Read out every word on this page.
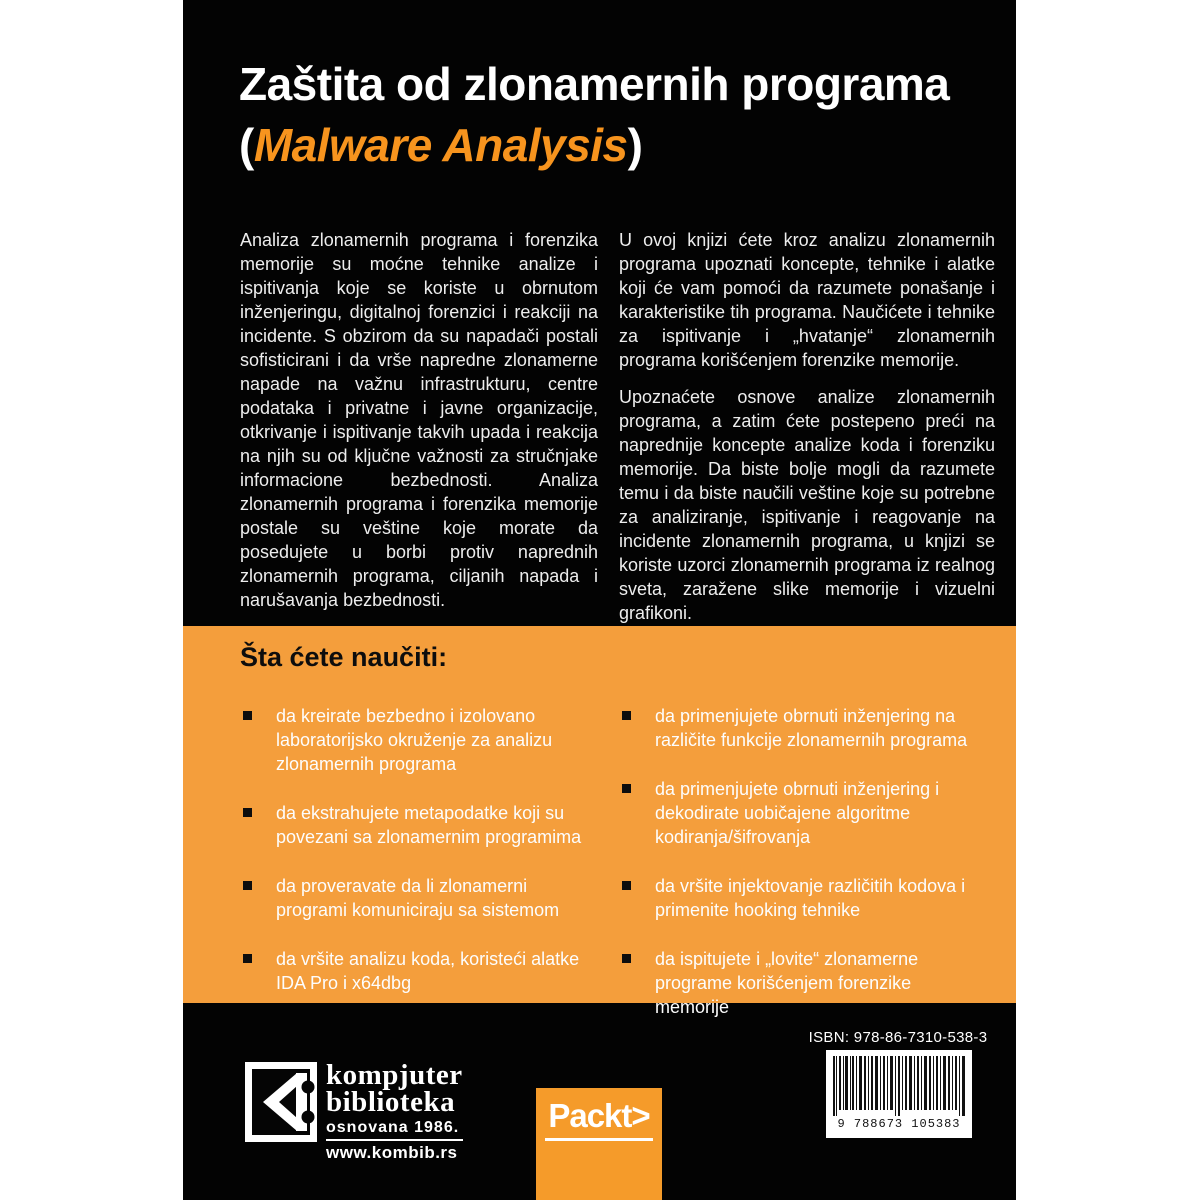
Zaštita od zlonamernih programa
(Malware Analysis)

Analiza zlonamernih programa i forenzika memorije su moćne tehnike analize i ispitivanja koje se koriste u obrnutom inženjeringu, digitalnoj forenzici i reakciji na incidente. S obzirom da su napadači postali sofisticirani i da vrše napredne zlonamerne napade na važnu infrastrukturu, centre podataka i privatne i javne organizacije, otkrivanje i ispitivanje takvih upada i reakcija na njih su od ključne važnosti za stručnjake informacione bezbednosti. Analiza zlonamernih programa i forenzika memorije postale su veštine koje morate da posedujete u borbi protiv naprednih zlonamernih programa, ciljanih napada i narušavanja bezbednosti.

U ovoj knjizi ćete kroz analizu zlonamernih programa upoznati koncepte, tehnike i alatke koji će vam pomoći da razumete ponašanje i karakteristike tih programa. Naučićete i tehnike za ispitivanje i „hvatanje“ zlonamernih programa korišćenjem forenzike memorije.

Upoznaćete osnove analize zlonamernih programa, a zatim ćete postepeno preći na naprednije koncepte analize koda i forenziku memorije. Da biste bolje mogli da razumete temu i da biste naučili veštine koje su potrebne za analiziranje, ispitivanje i reagovanje na incidente zlonamernih programa, u knjizi se koriste uzorci zlonamernih programa iz realnog sveta, zaražene slike memorije i vizuelni grafikoni.

Šta ćete naučiti:
da kreirate bezbedno i izolovano laboratorijsko okruženje za analizu zlonamernih programa
da ekstrahujete metapodatke koji su povezani sa zlonamernim programima
da proveravate da li zlonamerni programi komuniciraju sa sistemom
da vršite analizu koda, koristeći alatke IDA Pro i x64dbg
da primenjujete obrnuti inženjering na različite funkcije zlonamernih programa
da primenjujete obrnuti inženjering i dekodirate uobičajene algoritme kodiranja/šifrovanja
da vršite injektovanje različitih kodova i primenite hooking tehnike
da ispitujete i „lovite“ zlonamerne programe korišćenjem forenzike memorije
kompjuter
biblioteka
osnovana 1986.
www.kombib.rs
Packt>
ISBN: 978-86-7310-538-3
9 788673 105383
